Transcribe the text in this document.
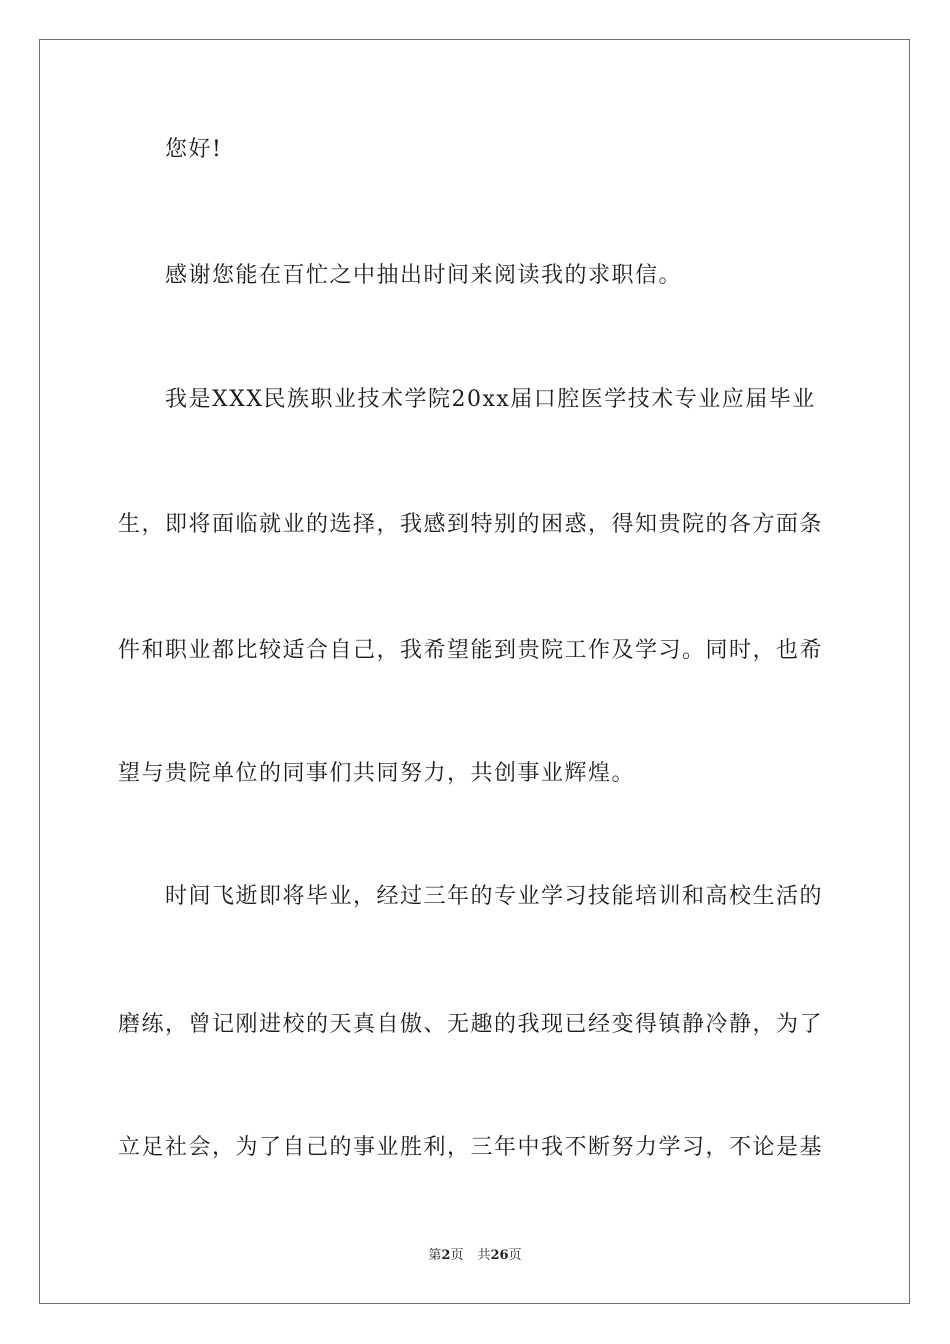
您好!

感谢您能在百忙之中抽出时间来阅读我的求职信。

我是XXX民族职业技术学院20xx届口腔医学技术专业应届毕业

生，即将面临就业的选择，我感到特别的困惑，得知贵院的各方面条

件和职业都比较适合自己，我希望能到贵院工作及学习。同时，也希

望与贵院单位的同事们共同努力，共创事业辉煌。

时间飞逝即将毕业，经过三年的专业学习技能培训和高校生活的

磨练，曾记刚进校的天真自傲、无趣的我现已经变得镇静冷静，为了

立足社会，为了自己的事业胜利，三年中我不断努力学习，不论是基

第2页 共26页
